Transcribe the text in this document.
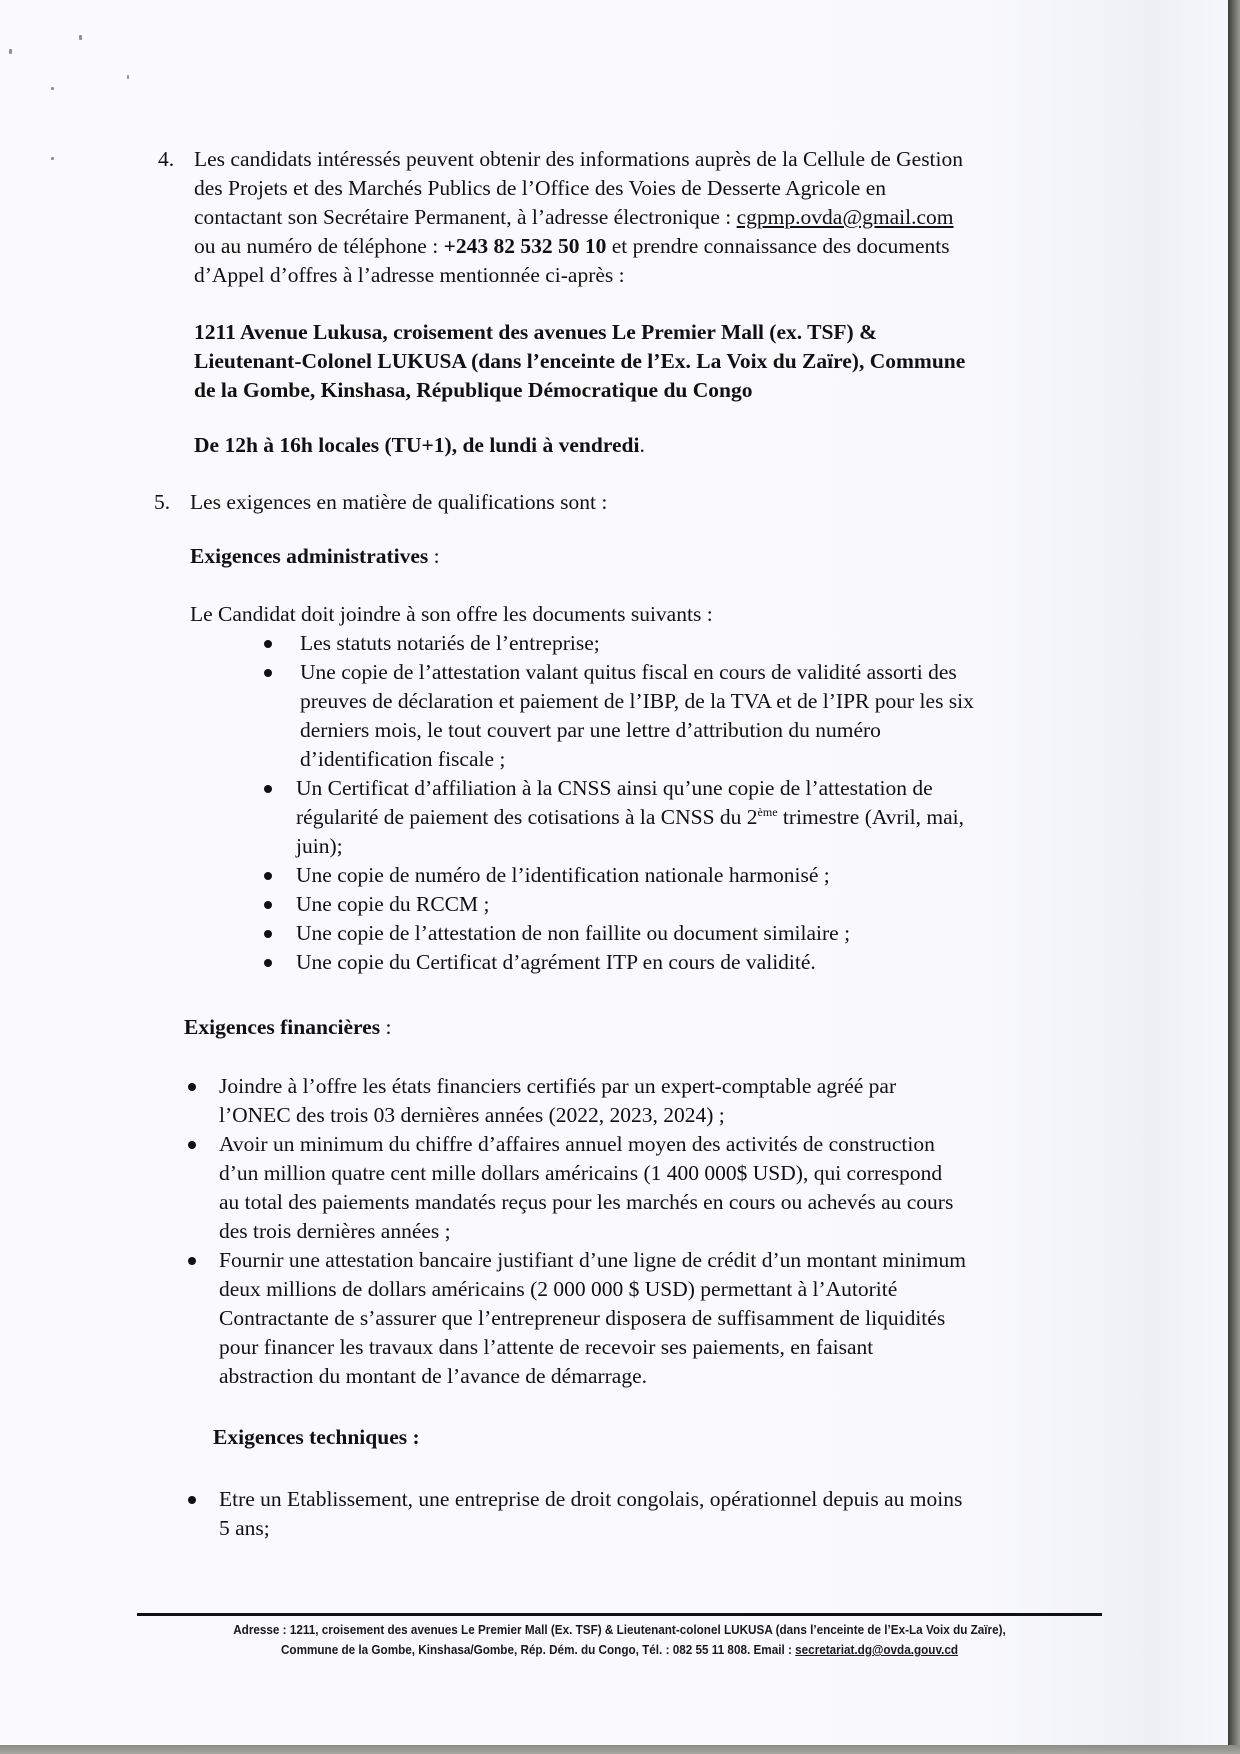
4. Les candidats intéressés peuvent obtenir des informations auprès de la Cellule de Gestion
des Projets et des Marchés Publics de l’Office des Voies de Desserte Agricole en
contactant son Secrétaire Permanent, à l’adresse électronique : cgpmp.ovda@gmail.com
ou au numéro de téléphone : +243 82 532 50 10 et prendre connaissance des documents
d’Appel d’offres à l’adresse mentionnée ci-après :
1211 Avenue Lukusa, croisement des avenues Le Premier Mall (ex. TSF) &
Lieutenant-Colonel LUKUSA (dans l’enceinte de l’Ex. La Voix du Zaïre), Commune
de la Gombe, Kinshasa, République Démocratique du Congo
De 12h à 16h locales (TU+1), de lundi à vendredi.
5. Les exigences en matière de qualifications sont :
Exigences administratives :
Le Candidat doit joindre à son offre les documents suivants :
Les statuts notariés de l’entreprise;
Une copie de l’attestation valant quitus fiscal en cours de validité assorti des
preuves de déclaration et paiement de l’IBP, de la TVA et de l’IPR pour les six
derniers mois, le tout couvert par une lettre d’attribution du numéro
d’identification fiscale ;
Un Certificat d’affiliation à la CNSS ainsi qu’une copie de l’attestation de
régularité de paiement des cotisations à la CNSS du 2ème trimestre (Avril, mai,
juin);
Une copie de numéro de l’identification nationale harmonisé ;
Une copie du RCCM ;
Une copie de l’attestation de non faillite ou document similaire ;
Une copie du Certificat d’agrément ITP en cours de validité.
Exigences financières :
Joindre à l’offre les états financiers certifiés par un expert-comptable agréé par
l’ONEC des trois 03 dernières années (2022, 2023, 2024) ;
Avoir un minimum du chiffre d’affaires annuel moyen des activités de construction
d’un million quatre cent mille dollars américains (1 400 000$ USD), qui correspond
au total des paiements mandatés reçus pour les marchés en cours ou achevés au cours
des trois dernières années ;
Fournir une attestation bancaire justifiant d’une ligne de crédit d’un montant minimum
deux millions de dollars américains (2 000 000 $ USD) permettant à l’Autorité
Contractante de s’assurer que l’entrepreneur disposera de suffisamment de liquidités
pour financer les travaux dans l’attente de recevoir ses paiements, en faisant
abstraction du montant de l’avance de démarrage.
Exigences techniques :
Etre un Etablissement, une entreprise de droit congolais, opérationnel depuis au moins
5 ans;
Adresse : 1211, croisement des avenues Le Premier Mall (Ex. TSF) & Lieutenant-colonel LUKUSA (dans l’enceinte de l’Ex-La Voix du Zaïre),
Commune de la Gombe, Kinshasa/Gombe, Rép. Dém. du Congo, Tél. : 082 55 11 808. Email : secretariat.dg@ovda.gouv.cd
